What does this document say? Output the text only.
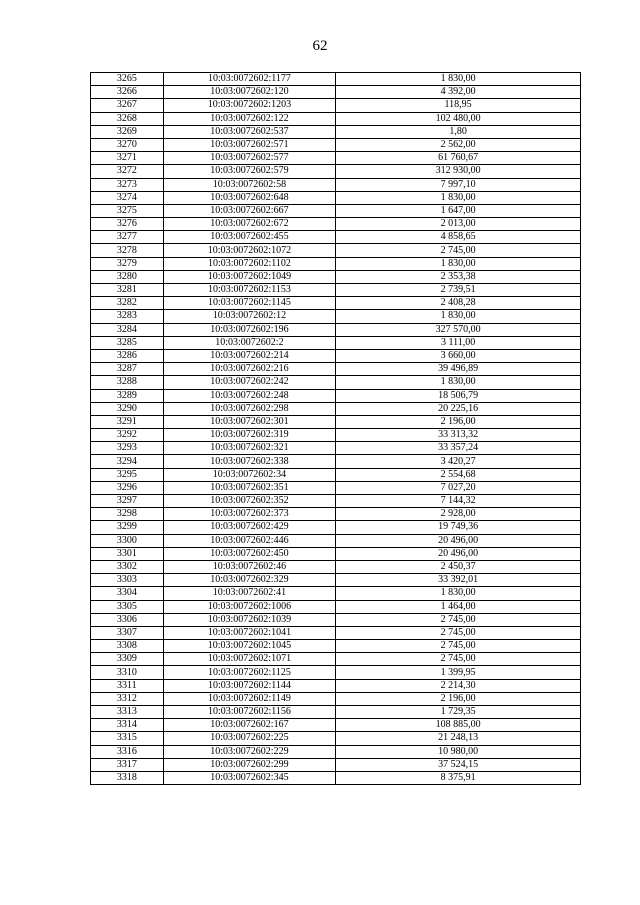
62
3265	10:03:0072602:1177	1 830,00
3266	10:03:0072602:120	4 392,00
3267	10:03:0072602:1203	118,95
3268	10:03:0072602:122	102 480,00
3269	10:03:0072602:537	1,80
3270	10:03:0072602:571	2 562,00
3271	10:03:0072602:577	61 760,67
3272	10:03:0072602:579	312 930,00
3273	10:03:0072602:58	7 997,10
3274	10:03:0072602:648	1 830,00
3275	10:03:0072602:667	1 647,00
3276	10:03:0072602:672	2 013,00
3277	10:03:0072602:455	4 858,65
3278	10:03:0072602:1072	2 745,00
3279	10:03:0072602:1102	1 830,00
3280	10:03:0072602:1049	2 353,38
3281	10:03:0072602:1153	2 739,51
3282	10:03:0072602:1145	2 408,28
3283	10:03:0072602:12	1 830,00
3284	10:03:0072602:196	327 570,00
3285	10:03:0072602:2	3 111,00
3286	10:03:0072602:214	3 660,00
3287	10:03:0072602:216	39 496,89
3288	10:03:0072602:242	1 830,00
3289	10:03:0072602:248	18 506,79
3290	10:03:0072602:298	20 225,16
3291	10:03:0072602:301	2 196,00
3292	10:03:0072602:319	33 313,32
3293	10:03:0072602:321	33 357,24
3294	10:03:0072602:338	3 420,27
3295	10:03:0072602:34	2 554,68
3296	10:03:0072602:351	7 027,20
3297	10:03:0072602:352	7 144,32
3298	10:03:0072602:373	2 928,00
3299	10:03:0072602:429	19 749,36
3300	10:03:0072602:446	20 496,00
3301	10:03:0072602:450	20 496,00
3302	10:03:0072602:46	2 450,37
3303	10:03:0072602:329	33 392,01
3304	10:03:0072602:41	1 830,00
3305	10:03:0072602:1006	1 464,00
3306	10:03:0072602:1039	2 745,00
3307	10:03:0072602:1041	2 745,00
3308	10:03:0072602:1045	2 745,00
3309	10:03:0072602:1071	2 745,00
3310	10:03:0072602:1125	1 399,95
3311	10:03:0072602:1144	2 214,30
3312	10:03:0072602:1149	2 196,00
3313	10:03:0072602:1156	1 729,35
3314	10:03:0072602:167	108 885,00
3315	10:03:0072602:225	21 248,13
3316	10:03:0072602:229	10 980,00
3317	10:03:0072602:299	37 524,15
3318	10:03:0072602:345	8 375,91
